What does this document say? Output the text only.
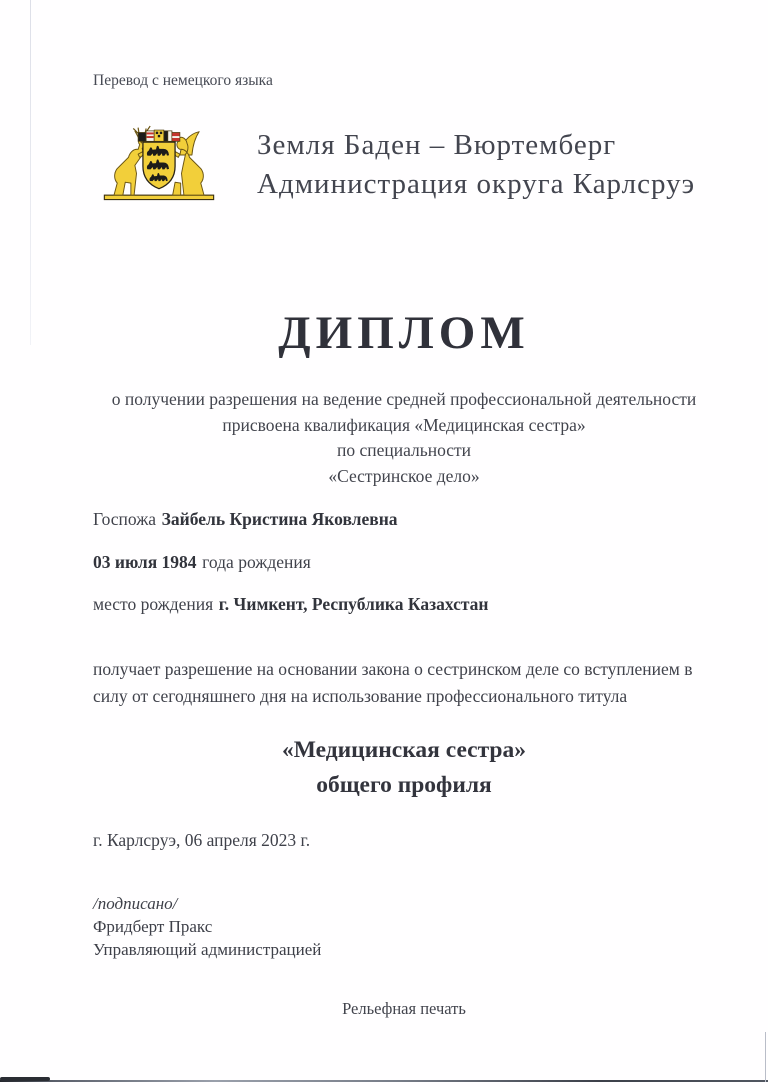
Перевод с немецкого языка
Земля Баден – Вюртемберг
Администрация округа Карлсруэ
ДИПЛОМ
о получении разрешения на ведение средней профессиональной деятельности
присвоена квалификация «Медицинская сестра»
по специальности
«Сестринское дело»
Госпожа Зайбель Кристина Яковлевна
03 июля 1984 года рождения
место рождения г. Чимкент, Республика Казахстан
получает разрешение на основании закона о сестринском деле со вступлением в
силу от сегодняшнего дня на использование профессионального титула
«Медицинская сестра»
общего профиля
г. Карлсруэ, 06 апреля 2023 г.
/подписано/
Фридберт Пракс
Управляющий администрацией
Рельефная печать
